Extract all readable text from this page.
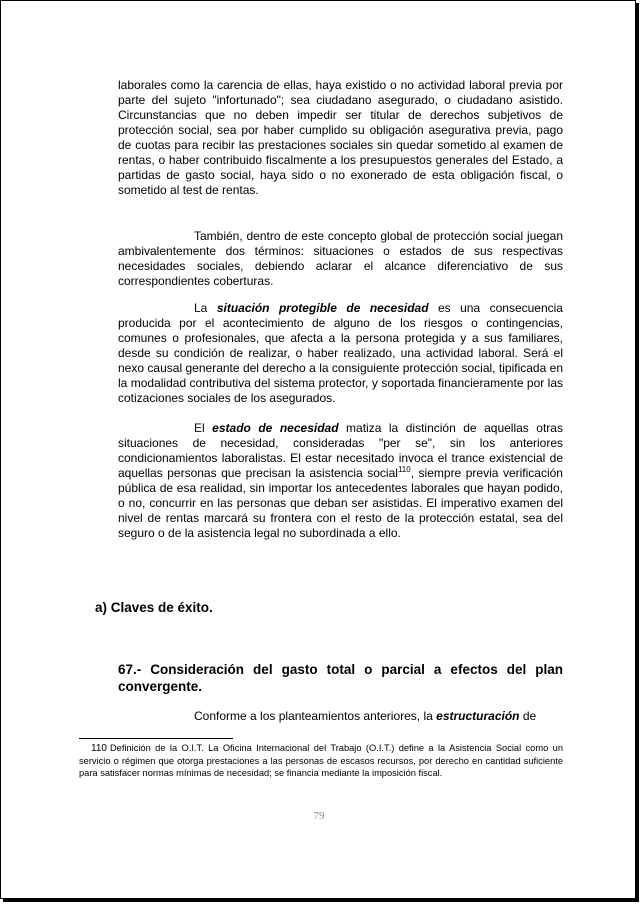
laborales como la carencia de ellas, haya existido o no actividad laboral previa por parte del sujeto "infortunado"; sea ciudadano asegurado, o ciudadano asistido. Circunstancias que no deben impedir ser titular de derechos subjetivos de protección social, sea por haber cumplido su obligación asegurativa previa, pago de cuotas para recibir las prestaciones sociales sin quedar sometido al examen de rentas, o haber contribuido fiscalmente a los presupuestos generales del Estado, a partidas de gasto social, haya sido o no exonerado de esta obligación fiscal, o sometido al test de rentas.

También, dentro de este concepto global de protección social juegan ambivalentemente dos términos: situaciones o estados de sus respectivas necesidades sociales, debiendo aclarar el alcance diferenciativo de sus correspondientes coberturas.

La situación protegible de necesidad es una consecuencia producida por el acontecimiento de alguno de los riesgos o contingencias, comunes o profesionales, que afecta a la persona protegida y a sus familiares, desde su condición de realizar, o haber realizado, una actividad laboral. Será el nexo causal generante del derecho a la consiguiente protección social, tipificada en la modalidad contributiva del sistema protector, y soportada financieramente por las cotizaciones sociales de los asegurados.

El estado de necesidad matiza la distinción de aquellas otras situaciones de necesidad, consideradas "per se", sin los anteriores condicionamientos laboralistas. El estar necesitado invoca el trance existencial de aquellas personas que precisan la asistencia social$^{110}$, siempre previa verificación pública de esa realidad, sin importar los antecedentes laborales que hayan podido, o no, concurrir en las personas que deban ser asistidas. El imperativo examen del nivel de rentas marcará su frontera con el resto de la protección estatal, sea del seguro o de la asistencia legal no subordinada a ello.

a) Claves de éxito.

67.- Consideración del gasto total o parcial a efectos del plan convergente.

Conforme a los planteamientos anteriores, la estructuración de

110 Definición de la O.I.T. La Oficina Internacional del Trabajo (O.I.T.) define a la Asistencia Social como un servicio o régimen que otorga prestaciones a las personas de escasos recursos, por derecho en cantidad suficiente para satisfacer normas mínimas de necesidad; se financia mediante la imposición fiscal.

79
